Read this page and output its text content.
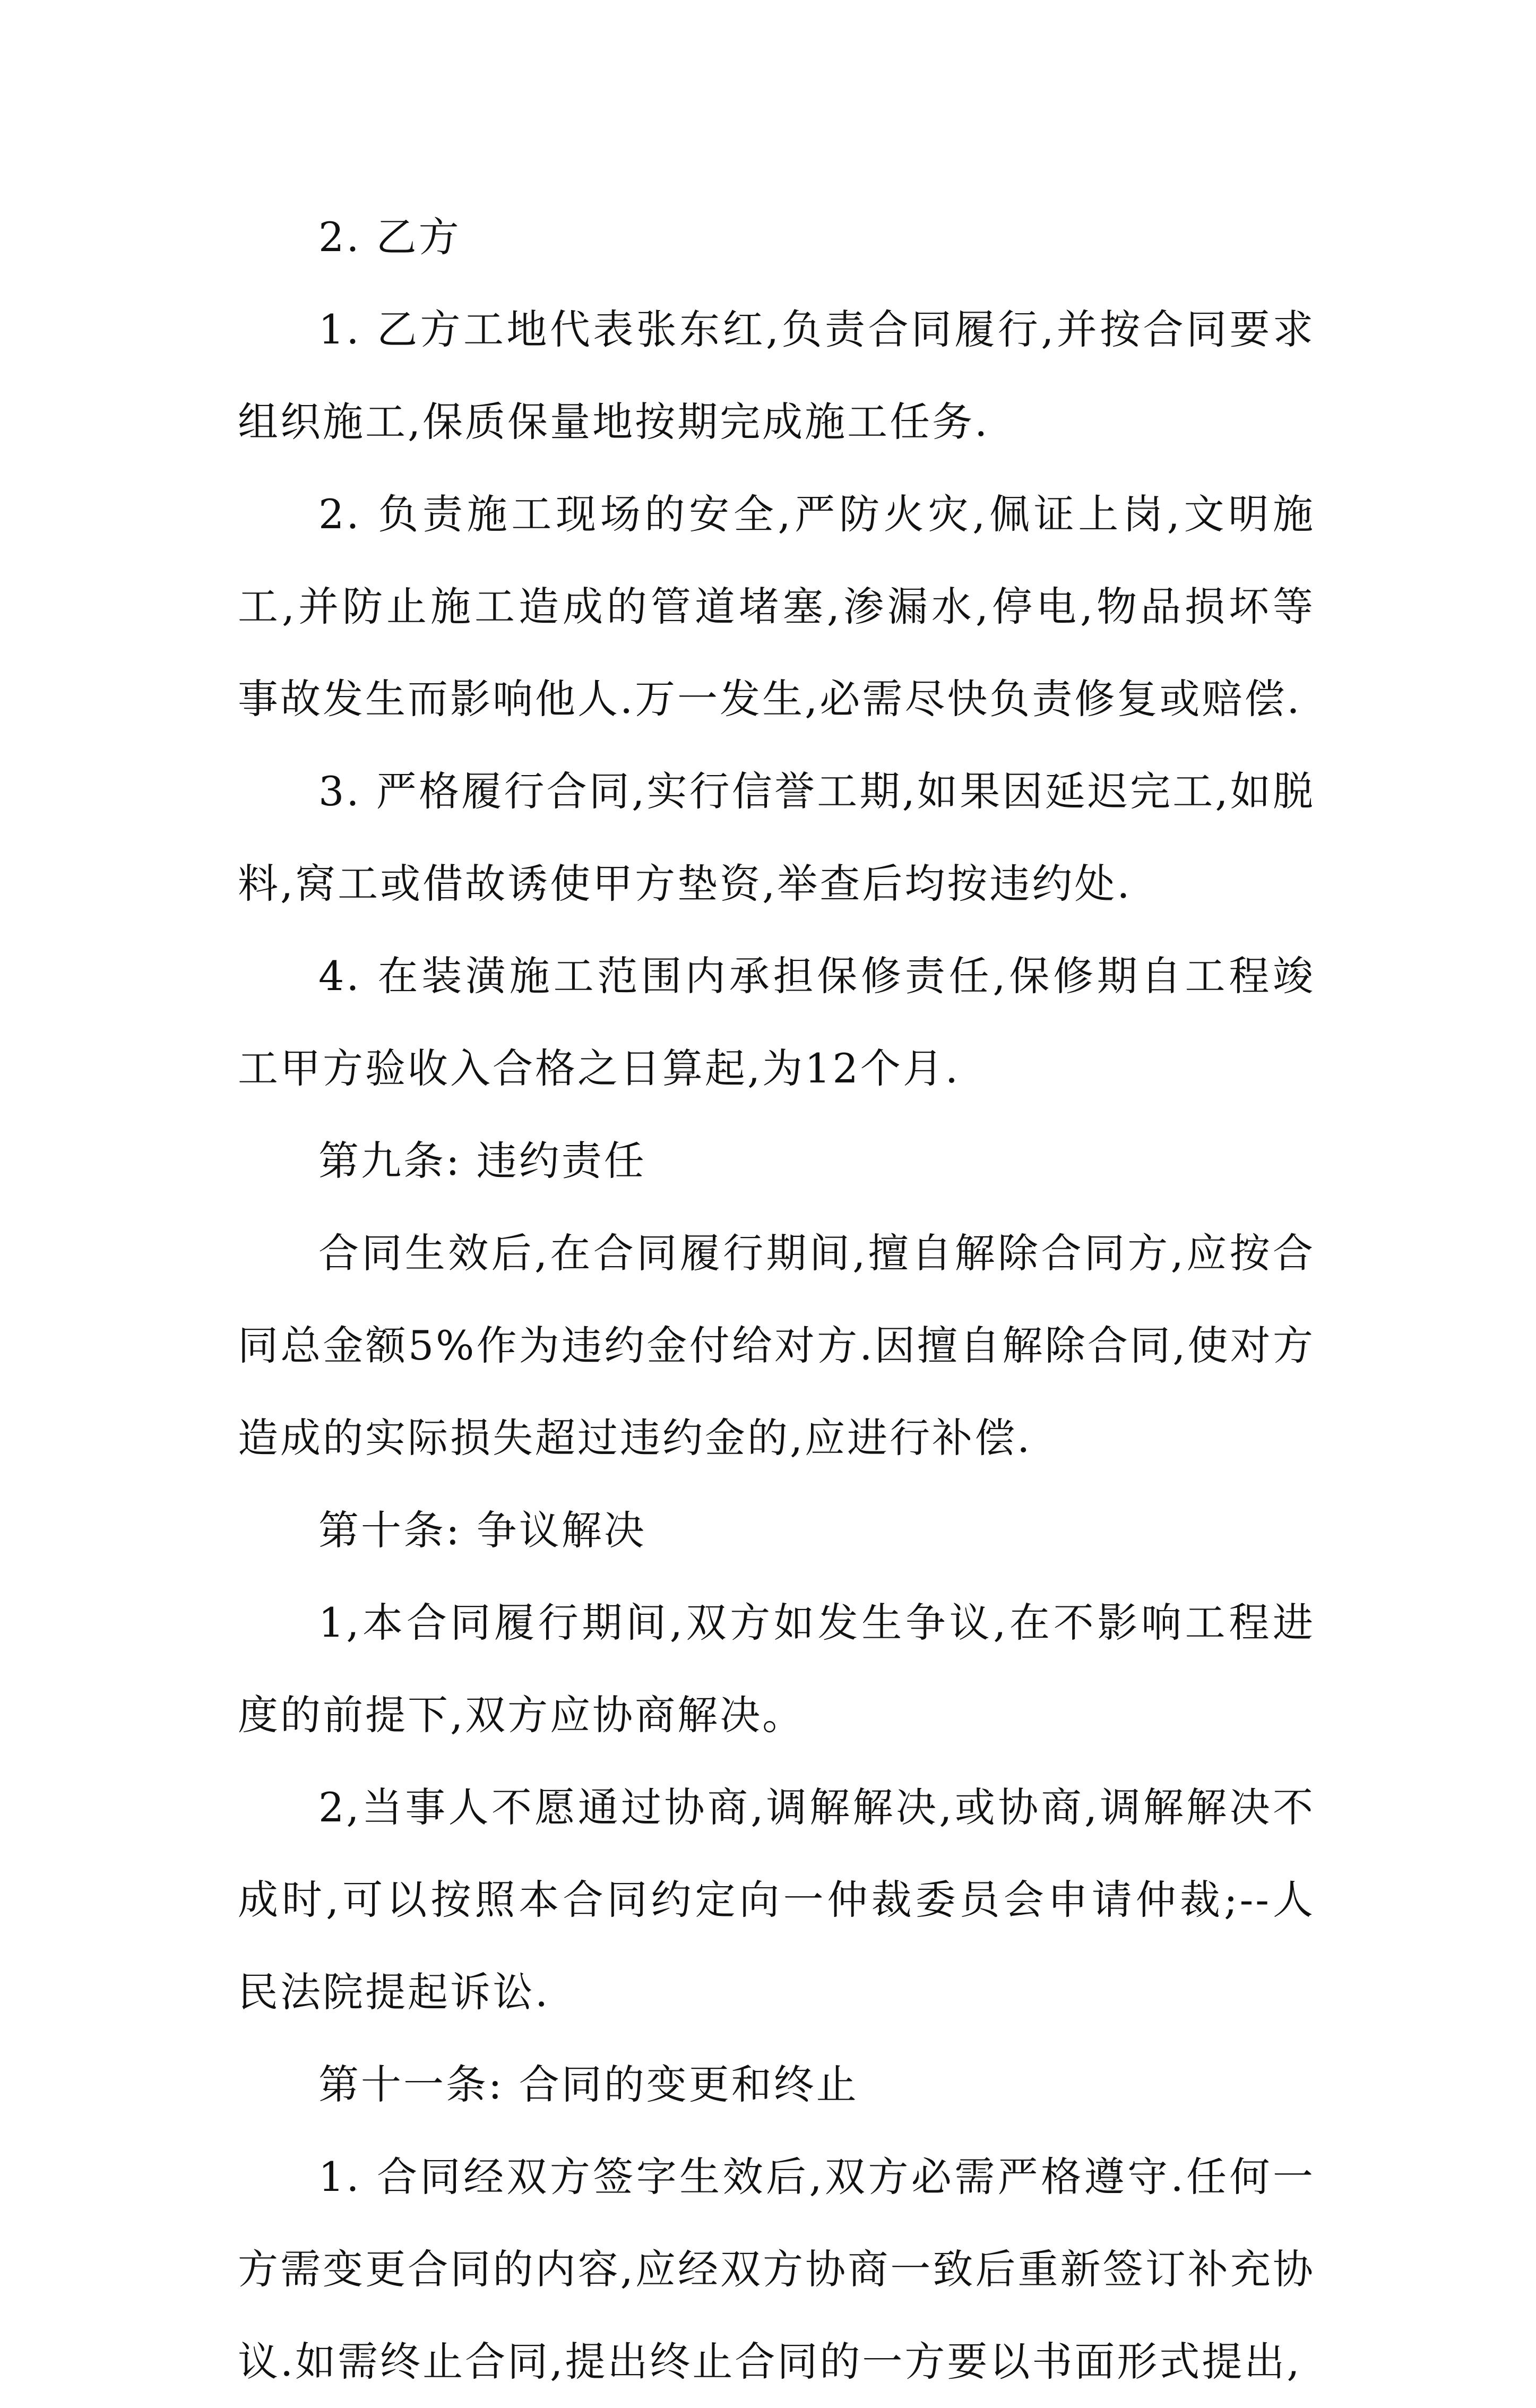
2. 乙方

1. 乙方工地代表张东红,负责合同履行,并按合同要求组织施工,保质保量地按期完成施工任务.

2. 负责施工现场的安全,严防火灾,佩证上岗,文明施工,并防止施工造成的管道堵塞,渗漏水,停电,物品损坏等事故发生而影响他人.万一发生,必需尽快负责修复或赔偿.

3. 严格履行合同,实行信誉工期,如果因延迟完工,如脱料,窝工或借故诱使甲方垫资,举查后均按违约处.

4. 在装潢施工范围内承担保修责任,保修期自工程竣工甲方验收入合格之日算起,为12个月.

第九条: 违约责任

合同生效后,在合同履行期间,擅自解除合同方,应按合同总金额5%作为违约金付给对方.因擅自解除合同,使对方造成的实际损失超过违约金的,应进行补偿.

第十条: 争议解决

1,本合同履行期间,双方如发生争议,在不影响工程进度的前提下,双方应协商解决。

2,当事人不愿通过协商,调解解决,或协商,调解解决不成时,可以按照本合同约定向一仲裁委员会申请仲裁;--人民法院提起诉讼.

第十一条: 合同的变更和终止

1. 合同经双方签字生效后,双方必需严格遵守.任何一方需变更合同的内容,应经双方协商一致后重新签订补充协议.如需终止合同,提出终止合同的一方要以书面形式提出,
